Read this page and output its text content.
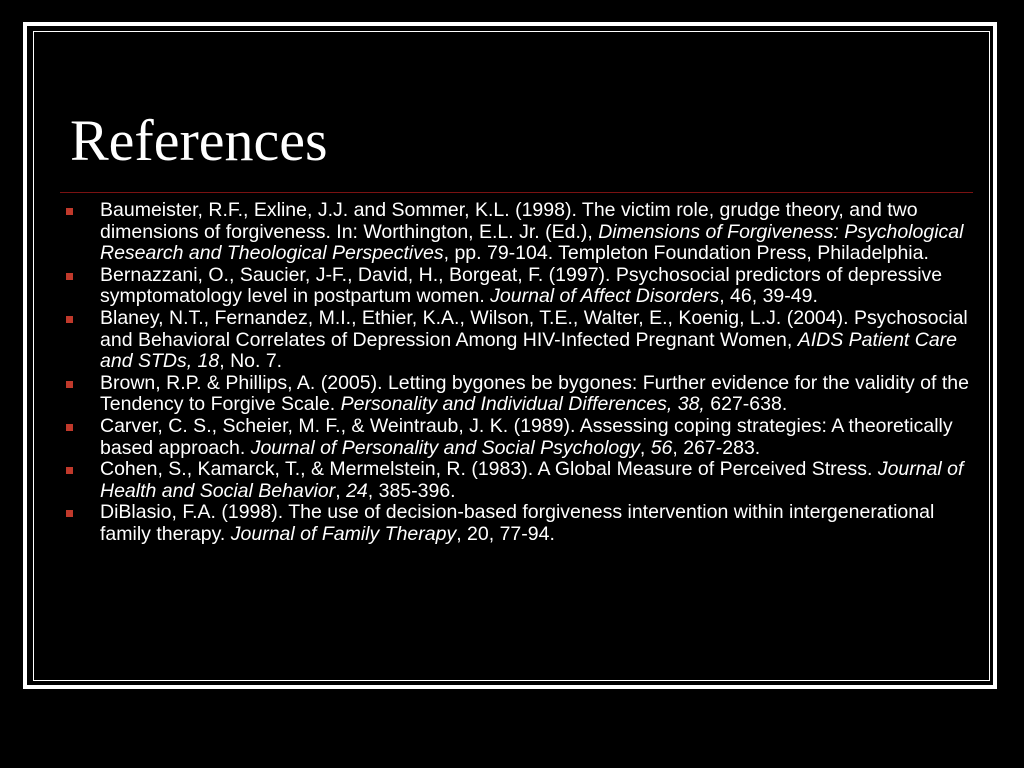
References
Baumeister, R.F., Exline, J.J. and Sommer, K.L. (1998). The victim role, grudge theory, and two dimensions of forgiveness. In: Worthington, E.L. Jr. (Ed.), Dimensions of Forgiveness: Psychological Research and Theological Perspectives, pp. 79-104. Templeton Foundation Press, Philadelphia.
Bernazzani, O., Saucier, J-F., David, H., Borgeat, F. (1997). Psychosocial predictors of depressive symptomatology level in postpartum women. Journal of Affect Disorders, 46, 39-49.
Blaney, N.T., Fernandez, M.I., Ethier, K.A., Wilson, T.E., Walter, E., Koenig, L.J. (2004). Psychosocial and Behavioral Correlates of Depression Among HIV-Infected Pregnant Women, AIDS Patient Care and STDs, 18, No. 7.
Brown, R.P. & Phillips, A. (2005). Letting bygones be bygones: Further evidence for the validity of the Tendency to Forgive Scale. Personality and Individual Differences, 38, 627-638.
Carver, C. S., Scheier, M. F., & Weintraub, J. K. (1989). Assessing coping strategies: A theoretically based approach. Journal of Personality and Social Psychology, 56, 267-283.
Cohen, S., Kamarck, T., & Mermelstein, R. (1983). A Global Measure of Perceived Stress. Journal of Health and Social Behavior, 24, 385-396.
DiBlasio, F.A. (1998). The use of decision-based forgiveness intervention within intergenerational family therapy. Journal of Family Therapy, 20, 77-94.
